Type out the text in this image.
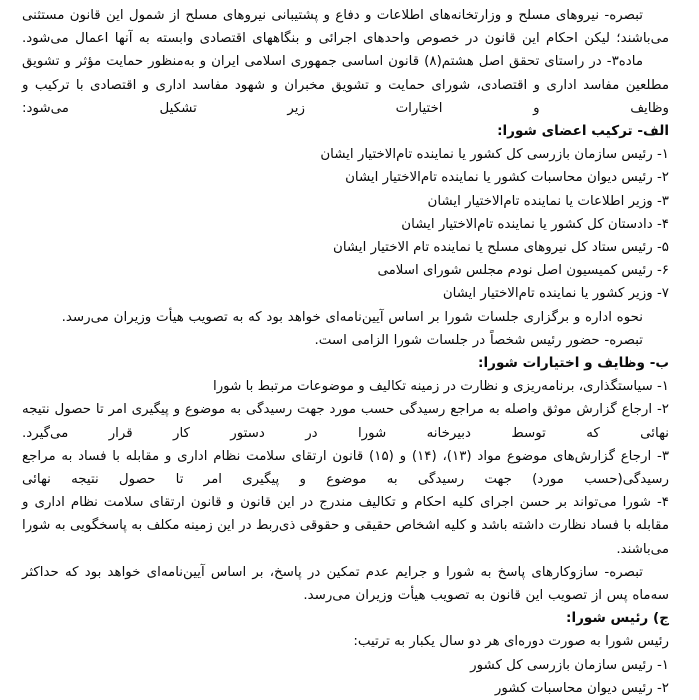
تبصره- نیروهای مسلح و وزارتخانه‌های اطلاعات و دفاع و پشتیبانی نیروهای مسلح از شمول این قانون مستثنی می‌باشند؛ لیکن احکام این قانون در خصوص واحدهای اجرائی و بنگاههای اقتصادی وابسته به آنها اعمال می‌شود.

ماده۳- در راستای تحقق اصل هشتم(۸) قانون اساسی جمهوری اسلامی ایران و به‌منظور حمایت مؤثر و تشویق مطلعین مفاسد اداری و اقتصادی، شورای حمایت و تشویق مخبران و شهود مفاسد اداری و اقتصادی با ترکیب و وظایف و اختیارات زیر تشکیل می‌شود:

الف- ترکیب اعضای شورا:

۱- رئیس سازمان بازرسی کل کشور یا نماینده تام‌الاختیار ایشان

۲- رئیس دیوان محاسبات کشور یا نماینده تام‌الاختیار ایشان

۳- وزیر اطلاعات یا نماینده تام‌الاختیار ایشان

۴- دادستان کل کشور یا نماینده تام‌الاختیار ایشان

۵- رئیس ستاد کل نیروهای مسلح یا نماینده تام الاختیار ایشان

۶- رئیس کمیسیون اصل نودم مجلس شورای اسلامی

۷- وزیر کشور یا نماینده تام‌الاختیار ایشان

نحوه اداره و برگزاری جلسات شورا بر اساس آیین‌نامه‌ای خواهد بود که به تصویب هیأت وزیران می‌رسد.

تبصره- حضور رئیس شخصاً در جلسات شورا الزامی است.

ب- وظایف و اختیارات شورا:

۱- سیاستگذاری، برنامه‌ریزی و نظارت در زمینه تکالیف و موضوعات مرتبط با شورا

۲- ارجاع گزارش موثق واصله به مراجع رسیدگی حسب مورد جهت رسیدگی به موضوع و پیگیری امر تا حصول نتیجه نهائی که توسط دبیرخانه شورا در دستور کار قرار می‌گیرد.

۳- ارجاع گزارش‌های موضوع مواد (۱۳)، (۱۴) و (۱۵) قانون ارتقای سلامت نظام اداری و مقابله با فساد به مراجع رسیدگی(حسب مورد) جهت رسیدگی به موضوع و پیگیری امر تا حصول نتیجه نهائی

۴- شورا می‌تواند بر حسن اجرای کلیه احکام و تکالیف مندرج در این قانون و قانون ارتقای سلامت نظام اداری و مقابله با فساد نظارت داشته باشد و کلیه اشخاص حقیقی و حقوقی ذی‌ربط در این زمینه مکلف به پاسخگویی به شورا می‌باشند.

تبصره- سازوکارهای پاسخ به شورا و جرایم عدم تمکین در پاسخ، بر اساس آیین‌نامه‌ای خواهد بود که حداکثر سه‌ماه پس از تصویب این قانون به تصویب هیأت وزیران می‌رسد.

ج) رئیس شورا:

رئیس شورا به صورت دوره‌ای هر دو سال یکبار به ترتیب:

۱- رئیس سازمان بازرسی کل کشور

۲- رئیس دیوان محاسبات کشور
